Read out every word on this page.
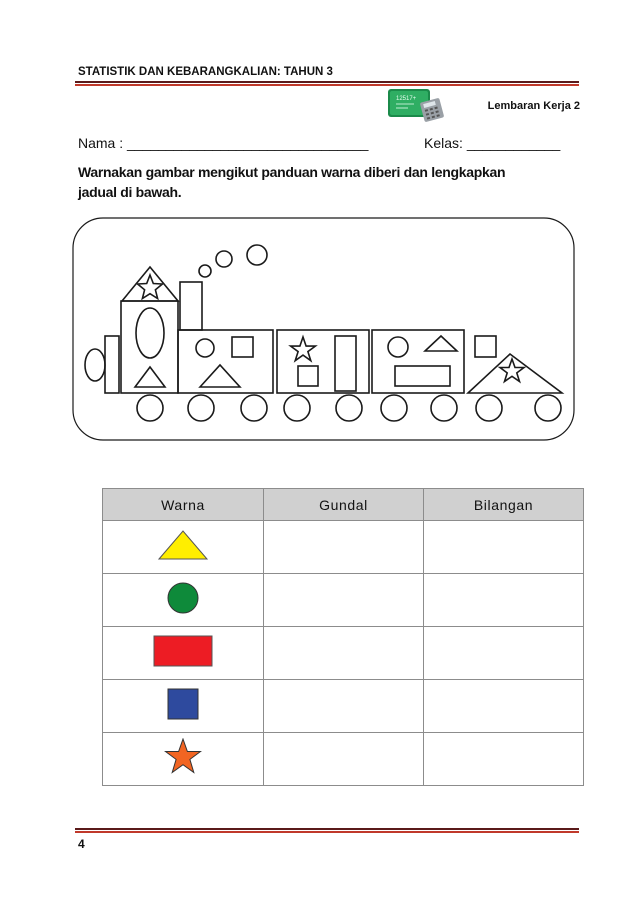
STATISTIK DAN KEBARANGKALIAN: TAHUN 3
12517+
Lembaran Kerja 2
Nama : _______________________________	Kelas: ____________
Warnakan gambar mengikut panduan warna diberi dan lengkapkan jadual di bawah.
Warna	Gundal	Bilangan

4
